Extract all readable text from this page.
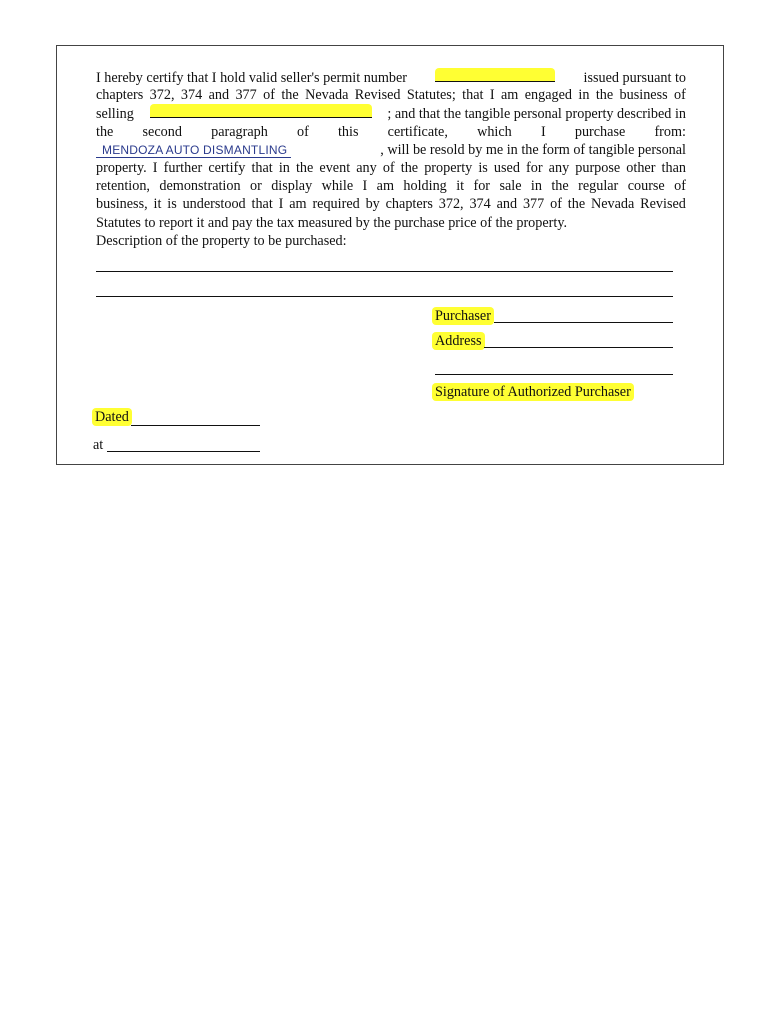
I hereby certify that I hold valid seller's permit number	issued pursuant to
chapters 372, 374 and 377 of the Nevada Revised Statutes; that I am engaged in the business of
selling	; and that the tangible personal property described in
the second paragraph of this certificate, which I purchase from:
MENDOZA AUTO DISMANTLING	, will be resold by me in the form of tangible personal
property. I further certify that in the event any of the property is used for any purpose other than
retention, demonstration or display while I am holding it for sale in the regular course of
business, it is understood that I am required by chapters 372, 374 and 377 of the Nevada Revised
Statutes to report it and pay the tax measured by the purchase price of the property.
Description of the property to be purchased:
Purchaser
Address
Signature of Authorized Purchaser
Dated
at
